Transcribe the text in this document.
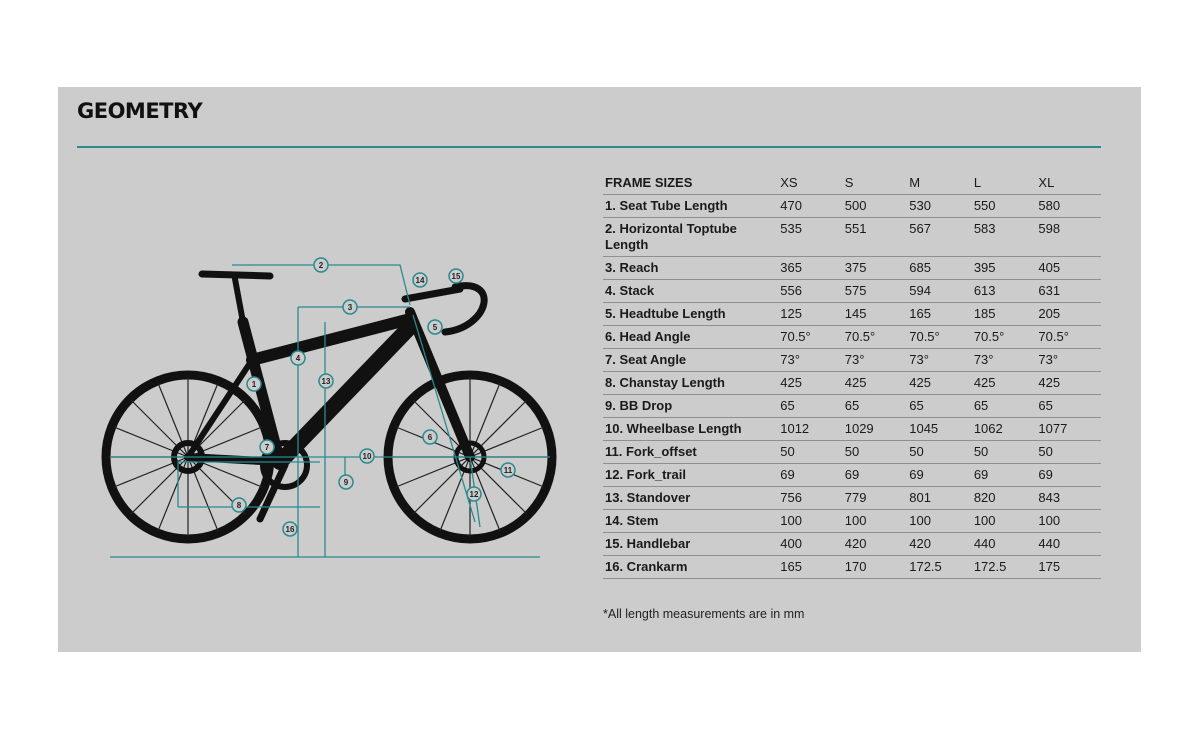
GEOMETRY
1
2
3
4
5
6
7
8
9
10
11
12
13
14	15
16
FRAME SIZES	XS	S	M	L	XL
1. Seat Tube Length	470	500	530	550	580
2. Horizontal Toptube Length	535	551	567	583	598
3. Reach	365	375	685	395	405
4. Stack	556	575	594	613	631
5. Headtube Length	125	145	165	185	205
6. Head Angle	70.5°	70.5°	70.5°	70.5°	70.5°
7. Seat Angle	73°	73°	73°	73°	73°
8. Chanstay Length	425	425	425	425	425
9. BB Drop	65	65	65	65	65
10. Wheelbase Length	1012	1029	1045	1062	1077
11. Fork_offset	50	50	50	50	50
12. Fork_trail	69	69	69	69	69
13. Standover	756	779	801	820	843
14. Stem	100	100	100	100	100
15. Handlebar	400	420	420	440	440
16. Crankarm	165	170	172.5	172.5	175
*All length measurements are in mm
